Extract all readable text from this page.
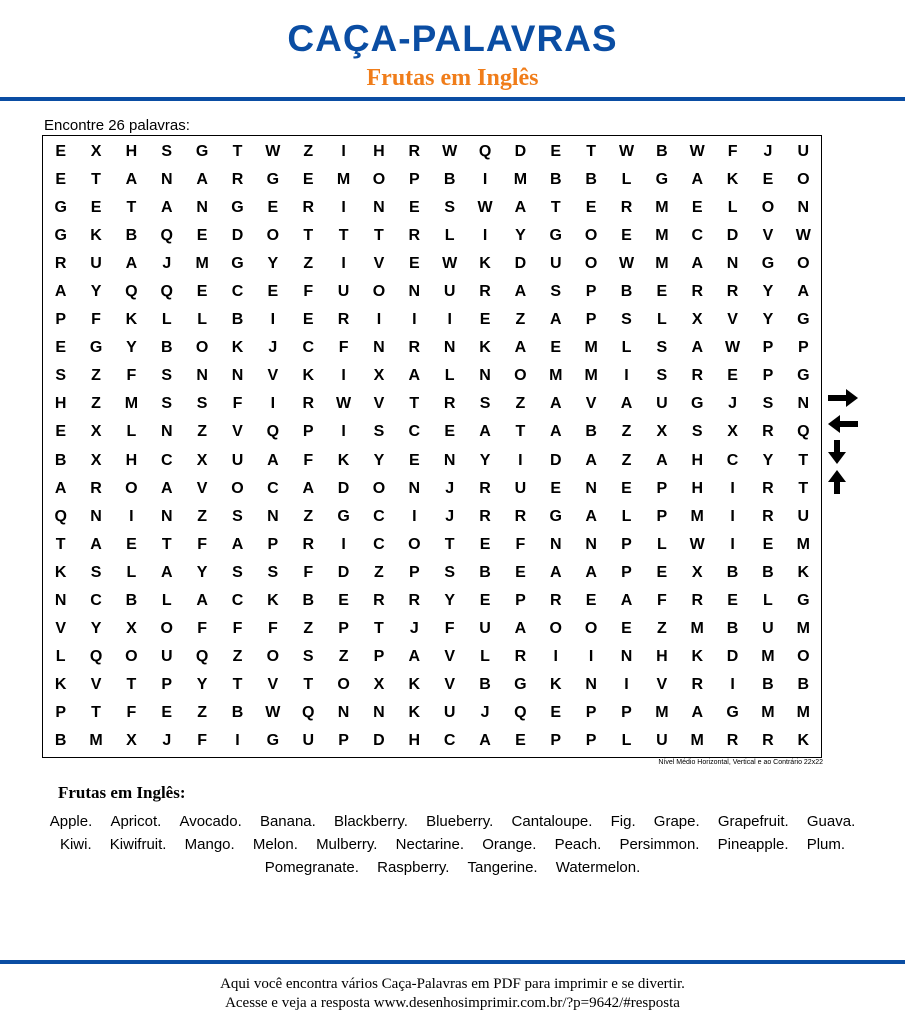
CAÇA-PALAVRAS
Frutas em Inglês
Encontre 26 palavras:
E	X	H	S	G	T	W	Z	I	H	R	W	Q	D	E	T	W	B	W	F	J	U
E	T	A	N	A	R	G	E	M	O	P	B	I	M	B	B	L	G	A	K	E	O
G	E	T	A	N	G	E	R	I	N	E	S	W	A	T	E	R	M	E	L	O	N
G	K	B	Q	E	D	O	T	T	T	R	L	I	Y	G	O	E	M	C	D	V	W
R	U	A	J	M	G	Y	Z	I	V	E	W	K	D	U	O	W	M	A	N	G	O
A	Y	Q	Q	E	C	E	F	U	O	N	U	R	A	S	P	B	E	R	R	Y	A
P	F	K	L	L	B	I	E	R	I	I	I	E	Z	A	P	S	L	X	V	Y	G
E	G	Y	B	O	K	J	C	F	N	R	N	K	A	E	M	L	S	A	W	P	P
S	Z	F	S	N	N	V	K	I	X	A	L	N	O	M	M	I	S	R	E	P	G
H	Z	M	S	S	F	I	R	W	V	T	R	S	Z	A	V	A	U	G	J	S	N
E	X	L	N	Z	V	Q	P	I	S	C	E	A	T	A	B	Z	X	S	X	R	Q
B	X	H	C	X	U	A	F	K	Y	E	N	Y	I	D	A	Z	A	H	C	Y	T
A	R	O	A	V	O	C	A	D	O	N	J	R	U	E	N	E	P	H	I	R	T
Q	N	I	N	Z	S	N	Z	G	C	I	J	R	R	G	A	L	P	M	I	R	U
T	A	E	T	F	A	P	R	I	C	O	T	E	F	N	N	P	L	W	I	E	M
K	S	L	A	Y	S	S	F	D	Z	P	S	B	E	A	A	P	E	X	B	B	K
N	C	B	L	A	C	K	B	E	R	R	Y	E	P	R	E	A	F	R	E	L	G
V	Y	X	O	F	F	F	Z	P	T	J	F	U	A	O	O	E	Z	M	B	U	M
L	Q	O	U	Q	Z	O	S	Z	P	A	V	L	R	I	I	N	H	K	D	M	O
K	V	T	P	Y	T	V	T	O	X	K	V	B	G	K	N	I	V	R	I	B	B
P	T	F	E	Z	B	W	Q	N	N	K	U	J	Q	E	P	P	M	A	G	M	M
B	M	X	J	F	I	G	U	P	D	H	C	A	E	P	P	L	U	M	R	R	K
Nível Médio Horizontal, Vertical e ao Contrário 22x22
Frutas em Inglês:
Apple. Apricot. Avocado. Banana. Blackberry. Blueberry. Cantaloupe. Fig. Grape. Grapefruit. Guava. Kiwi. Kiwifruit. Mango. Melon. Mulberry. Nectarine. Orange. Peach. Persimmon. Pineapple. Plum. Pomegranate. Raspberry. Tangerine. Watermelon.
Aqui você encontra vários Caça-Palavras em PDF para imprimir e se divertir.
Acesse e veja a resposta www.desenhosimprimir.com.br/?p=9642/#resposta
